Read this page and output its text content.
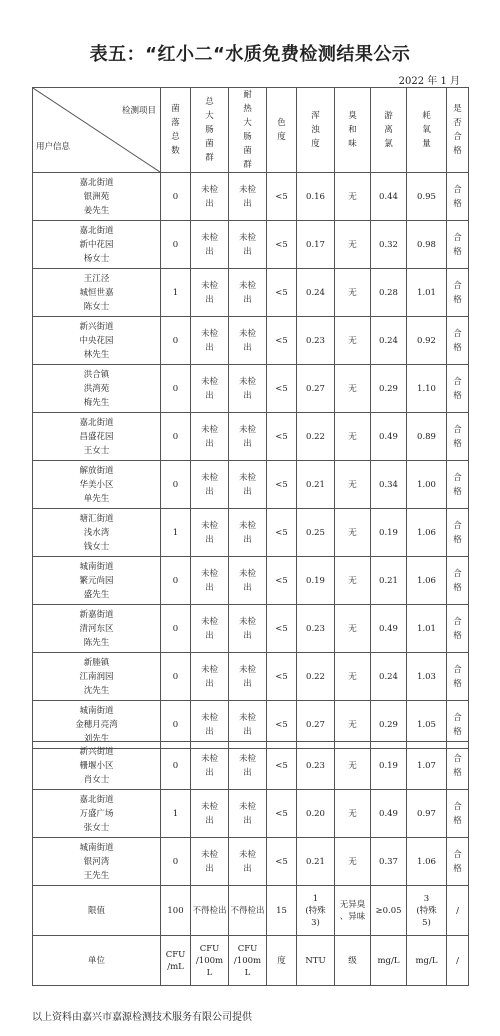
表五：“红小二“水质免费检测结果公示
2022 年 1 月
检测项目
用户信息	菌落总数	总大肠菌群	耐热大肠菌群	色度	浑浊度	臭和味	游离氯	耗氧量	是否合格

嘉北街道
银洲苑
姜先生	0	未检出	未检出	<5	0.16	无	0.44	0.95	合格

嘉北街道
新中花园
杨女士	0	未检出	未检出	<5	0.17	无	0.32	0.98	合格

王江泾
城恒世嘉
陈女士	1	未检出	未检出	<5	0.24	无	0.28	1.01	合格

新兴街道
中央花园
林先生	0	未检出	未检出	<5	0.23	无	0.24	0.92	合格

洪合镇
洪湾苑
梅先生	0	未检出	未检出	<5	0.27	无	0.29	1.10	合格

嘉北街道
昌盛花园
王女士	0	未检出	未检出	<5	0.22	无	0.49	0.89	合格

解放街道
华美小区
单先生	0	未检出	未检出	<5	0.21	无	0.34	1.00	合格

塘汇街道
浅水湾
钱女士	1	未检出	未检出	<5	0.25	无	0.19	1.06	合格

城南街道
繁元尚园
盛先生	0	未检出	未检出	<5	0.19	无	0.21	1.06	合格

新嘉街道
清河东区
陈先生	0	未检出	未检出	<5	0.23	无	0.49	1.01	合格

新塍镇
江南润园
沈先生	0	未检出	未检出	<5	0.22	无	0.24	1.03	合格

城南街道
金穗月亮湾
刘先生	0	未检出	未检出	<5	0.27	无	0.29	1.05	合格
新兴街道
栅堰小区
肖女士	0	未检出	未检出	<5	0.23	无	0.19	1.07	合格

嘉北街道
万盛广场
张女士	1	未检出	未检出	<5	0.20	无	0.49	0.97	合格

城南街道
银河湾
王先生	0	未检出	未检出	<5	0.21	无	0.37	1.06	合格

限值	100	不得检出	不得检出	15	1
(特殊
3)	无异臭
、异味	≥0.05	3
(特殊
5)	/

单位	CFU
/mL	CFU
/100m
L	CFU
/100m
L	度	NTU	级	mg/L	mg/L	/
以上资料由嘉兴市嘉源检测技术服务有限公司提供
